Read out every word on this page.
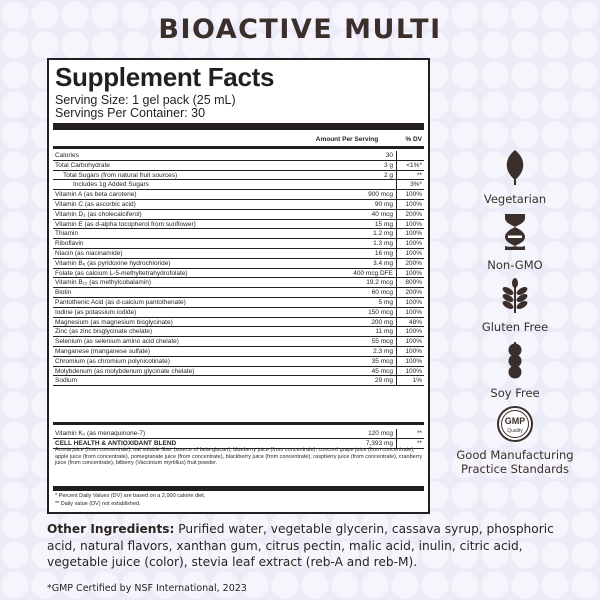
BIOACTIVE MULTI
Supplement Facts
Serving Size: 1 gel pack (25 mL)
Servings Per Container: 30
Amount Per Serving	% DV
Calories	30
Total Carbohydrate	3 g <1%*
Total Sugars (from natural fruit sources)	2 g	**
Includes 1g Added Sugars	3%*
Vitamin A (as beta carotene)	900 mcg 100%
Vitamin C (as ascorbic acid)	90 mg 100%
Vitamin D₃ (as cholecalciferol)	40 mcg 200%
Vitamin E (as d-alpha tocopherol from sunflower)	15 mg 100%
Thiamin	1.2 mg 100%
Riboflavin	1.3 mg 100%
Niacin (as niacinamide)	16 mg 100%
Vitamin B₆ (as pyridoxine hydrochloride)	3.4 mg 200%
Folate (as calcium L-5-methyltetrahydrofolate)	400 mcg DFE 100%
Vitamin B₁₂ (as methylcobalamin)	19.2 mcg 800%
Biotin	60 mcg 200%
Pantothenic Acid (as d-calcium pantothenate)	5 mg 100%
Iodine (as potassium iodide)	150 mcg 100%
Magnesium (as magnesium bisglycinate)	200 mg 48%
Zinc (as zinc bisglycinate chelate)	11 mg 100%
Selenium (as selenium amino acid chelate)	55 mcg 100%
Manganese (manganese sulfate)	2.3 mg 100%
Chromium (as chromium polynicotinate)	35 mcg 100%
Molybdenum (as molybdenum glycinate chelate)	45 mcg 100%
Sodium	29 mg	1%
Vitamin K₂ (as menaquinone-7)	120 mcg	**
CELL HEALTH & ANTIOXIDANT BLEND	7,393 mg	**
Aronia juice (from concentrate), oat soluble fiber (source of beta-glucan), blueberry juice (from concentrate), concord grape juice (from concentrate), apple juice (from concentrate), pomegranate juice (from concentrate), blackberry juice (from concentrate), raspberry juice (from concentrate), cranberry juice (from concentrate), bilberry (Vaccinium myrtillus) fruit powder.
* Percent Daily Values (DV) are based on a 2,000 calorie diet.
** Daily value (DV) not established.
Other Ingredients: Purified water, vegetable glycerin, cassava syrup, phosphoric acid, natural flavors, xanthan gum, citrus pectin, malic acid, inulin, citric acid, vegetable juice (color), stevia leaf extract (reb-A and reb-M).
*GMP Certified by NSF International, 2023
Vegetarian
Non-GMO
Gluten Free
Soy Free
GMP
Quality
Good Manufacturing Practice Standards
